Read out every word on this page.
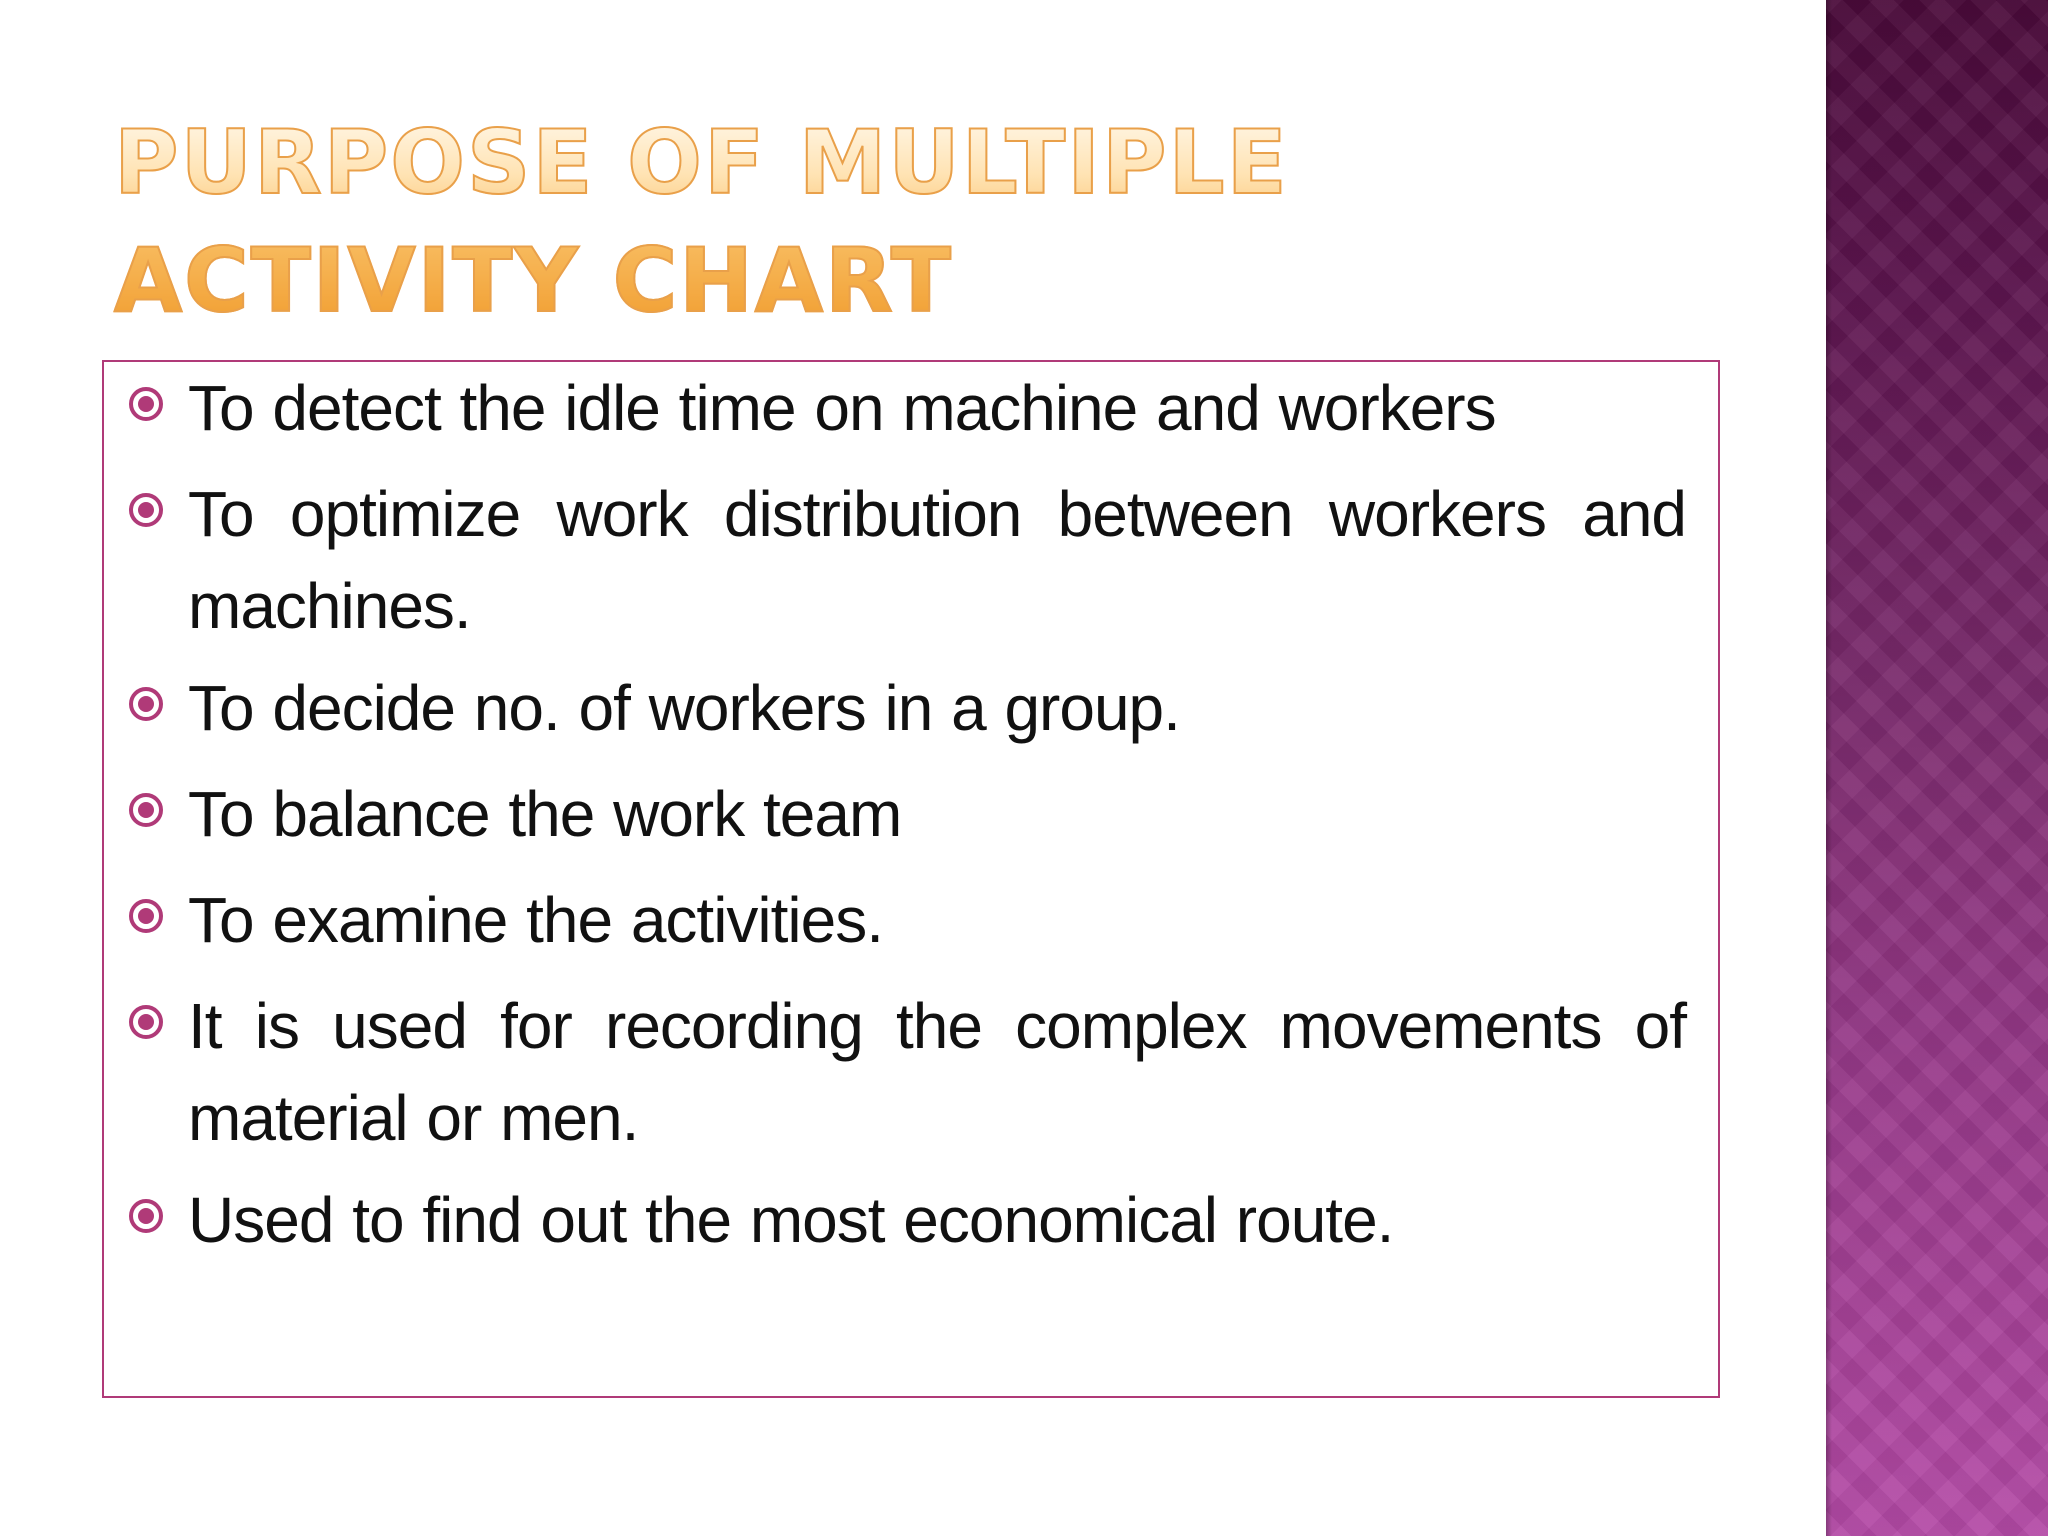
PURPOSE OF MULTIPLE ACTIVITY CHART
To detect the idle time on machine and workers
To optimize work distribution between workers and machines.
To decide no. of workers in a group.
To balance the work team
To examine the activities.
It is used for recording the complex movements of material or men.
Used to find out the most economical route.
